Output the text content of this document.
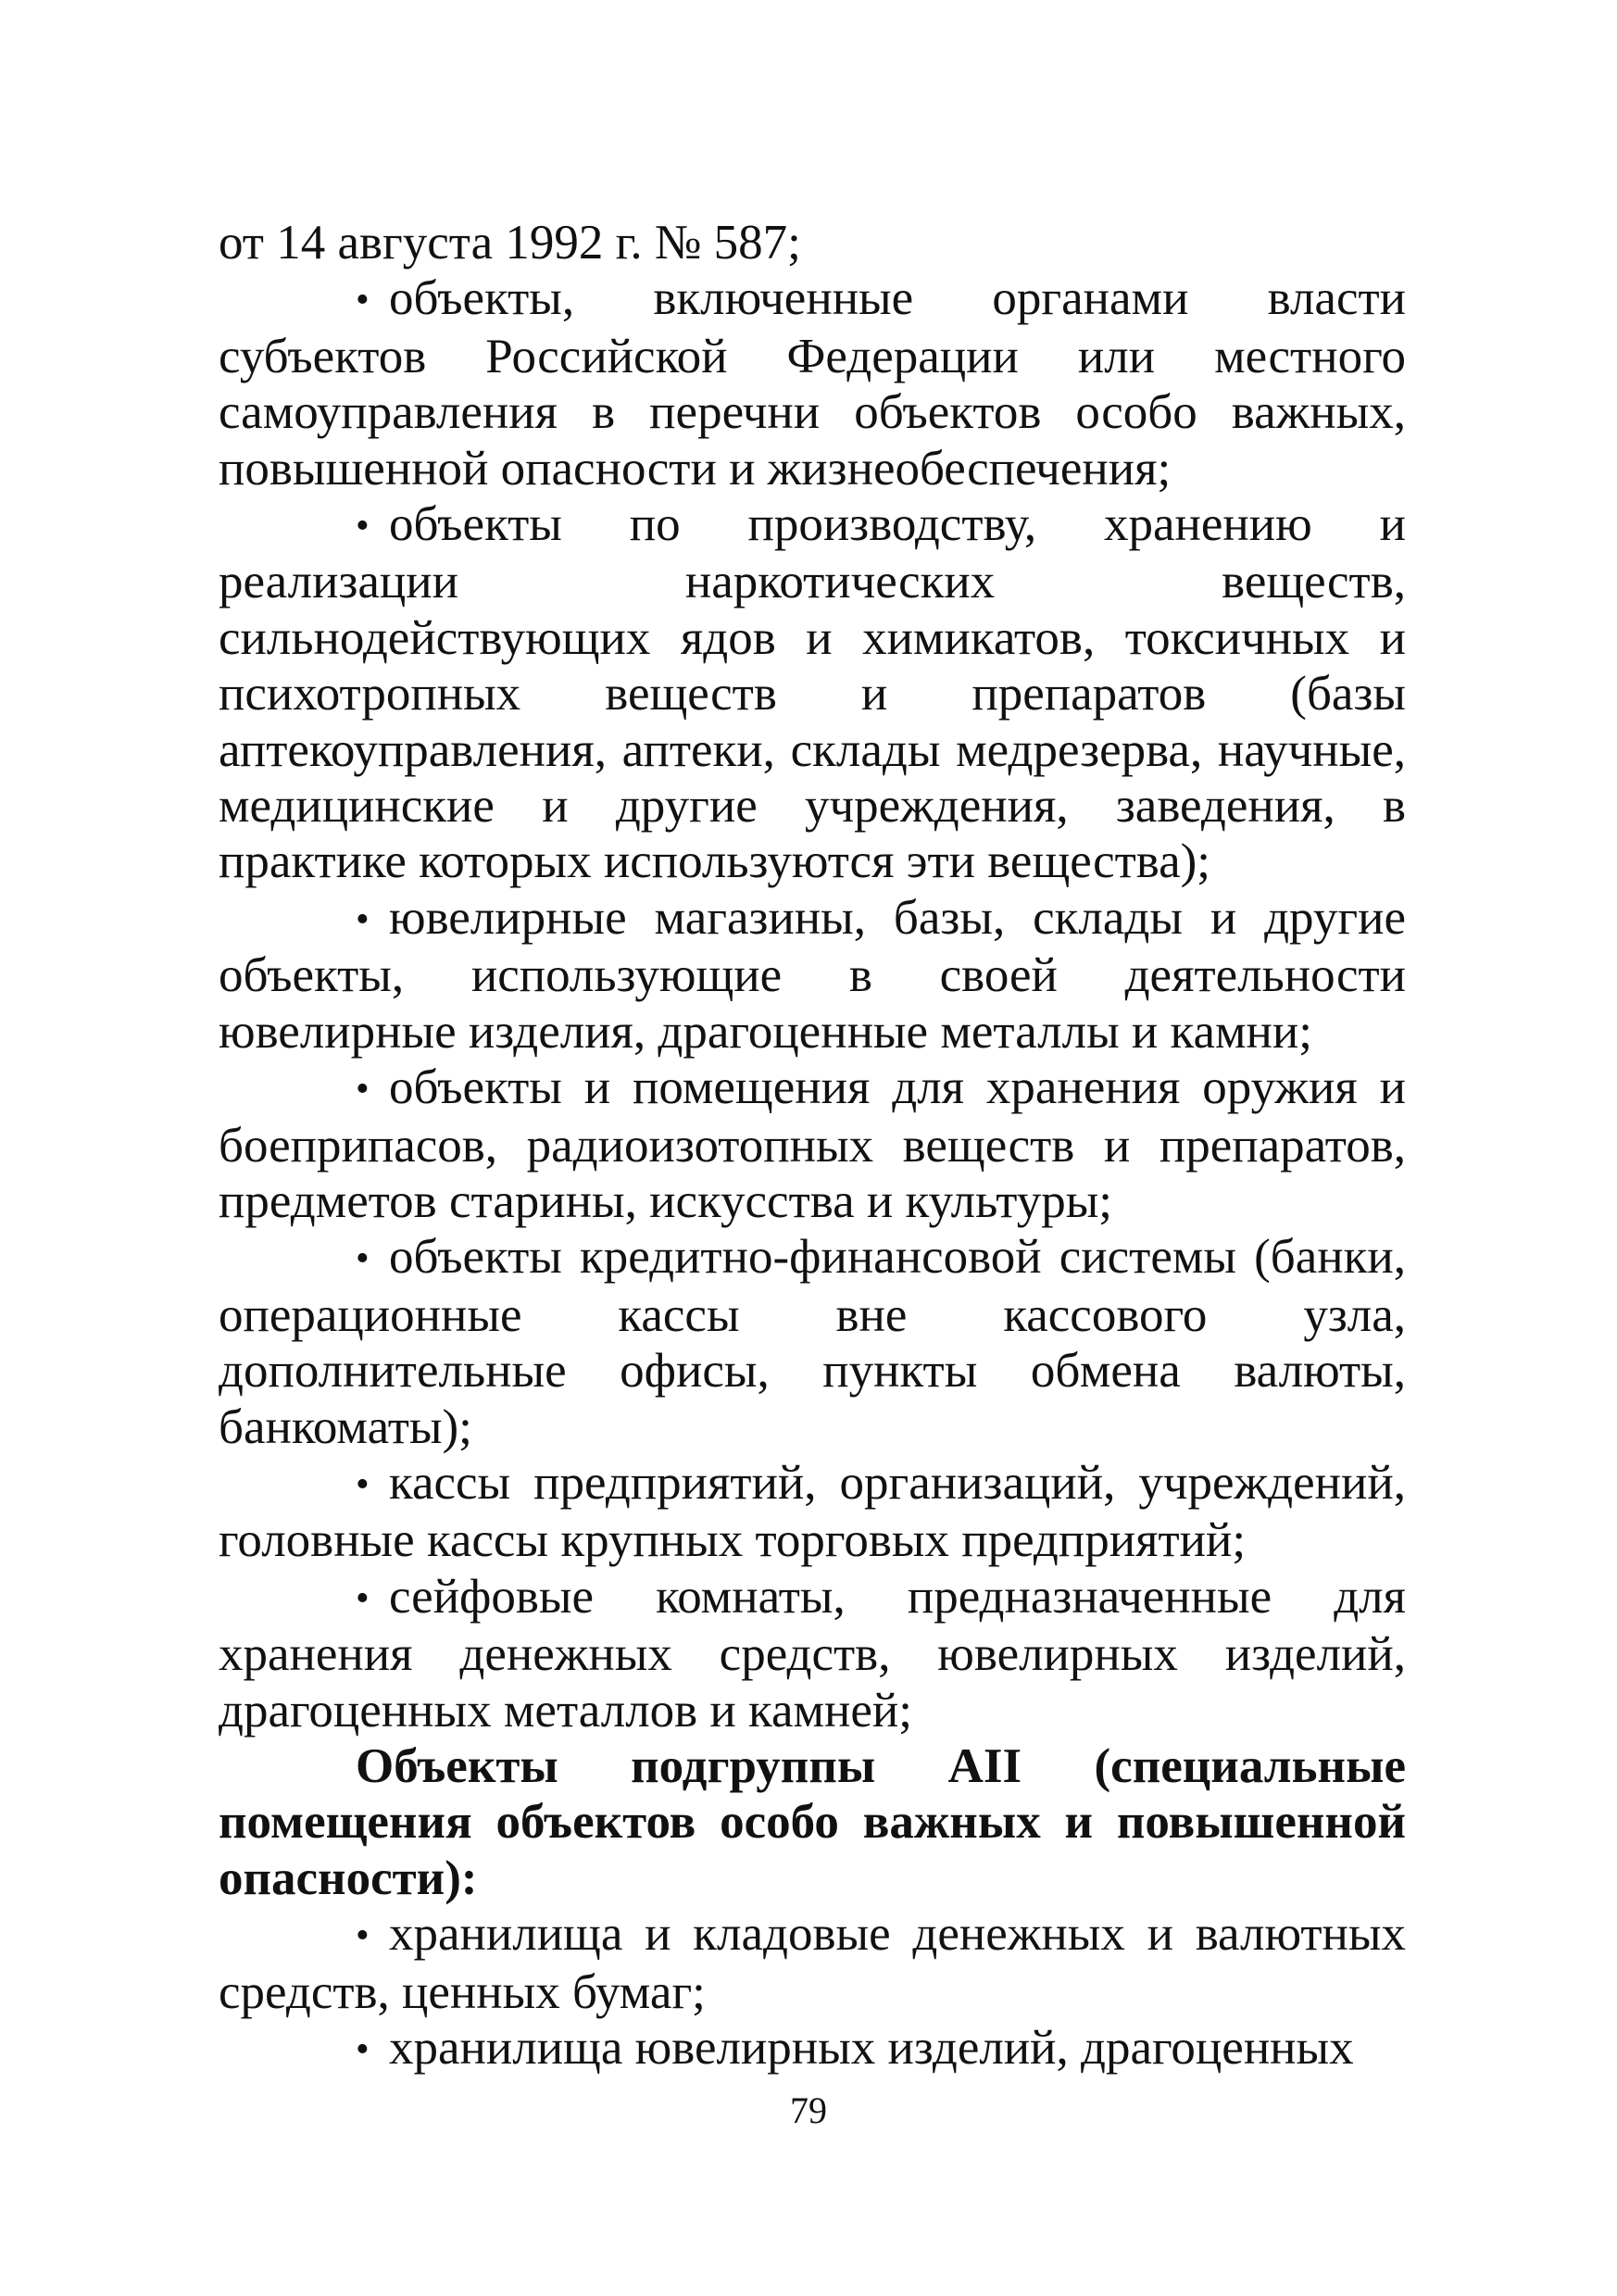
от 14 августа 1992 г. № 587;

• объекты, включенные органами власти субъектов Российской Федерации или местного самоуправления в перечни объектов особо важных, повышенной опасности и жизнеобеспечения;

• объекты по производству, хранению и реализации наркотических веществ, сильнодействующих ядов и химикатов, токсичных и психотропных веществ и препаратов (базы аптекоуправления, аптеки, склады медрезерва, научные, медицинские и другие учреждения, заведения, в практике которых используются эти вещества);

• ювелирные магазины, базы, склады и другие объекты, использующие в своей деятельности ювелирные изделия, драгоценные металлы и камни;

• объекты и помещения для хранения оружия и боеприпасов, радиоизотопных веществ и препаратов, предметов старины, искусства и культуры;

• объекты кредитно-финансовой системы (банки, операционные кассы вне кассового узла, дополнительные офисы, пункты обмена валюты, банкоматы);

• кассы предприятий, организаций, учреждений, головные кассы крупных торговых предприятий;

• сейфовые комнаты, предназначенные для хранения денежных средств, ювелирных изделий, драгоценных металлов и камней;

Объекты подгруппы АII (специальные помещения объектов особо важных и повышенной опасности):

• хранилища и кладовые денежных и валютных средств, ценных бумаг;

• хранилища ювелирных изделий, драгоценных

79
